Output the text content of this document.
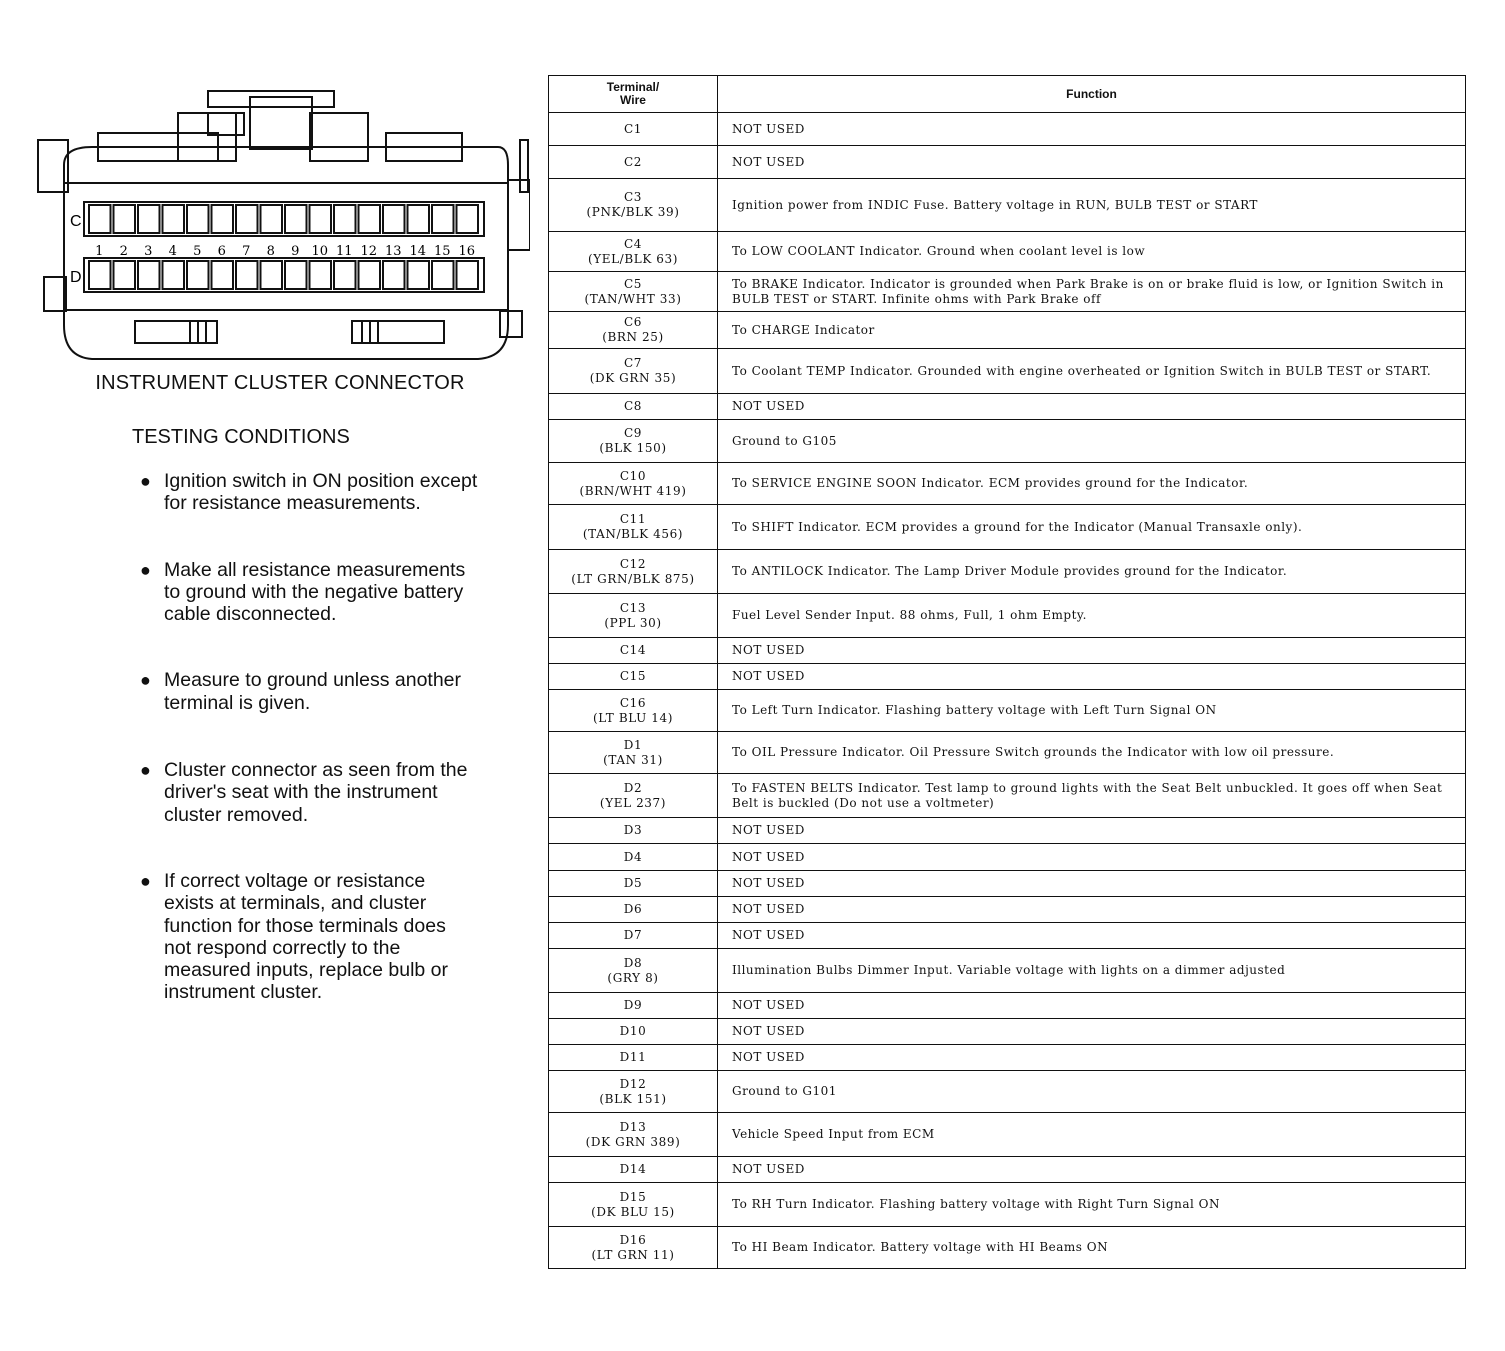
C
D
1 2 3 4 5 6 7 8 9 10 11 12 13 14 15 16
INSTRUMENT CLUSTER CONNECTOR
TESTING CONDITIONS
● Ignition switch in ON position except for resistance measurements.
● Make all resistance measurements to ground with the negative battery cable disconnected.
● Measure to ground unless another terminal is given.
● Cluster connector as seen from the driver's seat with the instrument cluster removed.
● If correct voltage or resistance exists at terminals, and cluster function for those terminals does not respond correctly to the measured inputs, replace bulb or instrument cluster.
Terminal/
Wire	Function

C1	NOT USED

C2	NOT USED

C3
(PNK/BLK 39)	Ignition power from INDIC Fuse. Battery voltage in RUN, BULB TEST or START

C4
(YEL/BLK 63)	To LOW COOLANT Indicator. Ground when coolant level is low

C5
(TAN/WHT 33)	To BRAKE Indicator. Indicator is grounded when Park Brake is on or brake fluid is low, or Ignition Switch in BULB TEST or START. Infinite ohms with Park Brake off

C6
(BRN 25)	To CHARGE Indicator

C7
(DK GRN 35)	To Coolant TEMP Indicator. Grounded with engine overheated or Ignition Switch in BULB TEST or START.

C8	NOT USED

C9
(BLK 150)	Ground to G105

C10
(BRN/WHT 419)	To SERVICE ENGINE SOON Indicator. ECM provides ground for the Indicator.

C11
(TAN/BLK 456)	To SHIFT Indicator. ECM provides a ground for the Indicator (Manual Transaxle only).

C12
(LT GRN/BLK 875)	To ANTILOCK Indicator. The Lamp Driver Module provides ground for the Indicator.

C13
(PPL 30)	Fuel Level Sender Input. 88 ohms, Full, 1 ohm Empty.

C14	NOT USED

C15	NOT USED

C16
(LT BLU 14)	To Left Turn Indicator. Flashing battery voltage with Left Turn Signal ON

D1
(TAN 31)	To OIL Pressure Indicator. Oil Pressure Switch grounds the Indicator with low oil pressure.

D2
(YEL 237)	To FASTEN BELTS Indicator. Test lamp to ground lights with the Seat Belt unbuckled. It goes off when Seat Belt is buckled (Do not use a voltmeter)

D3	NOT USED

D4	NOT USED

D5	NOT USED

D6	NOT USED

D7	NOT USED

D8
(GRY 8)	Illumination Bulbs Dimmer Input. Variable voltage with lights on a dimmer adjusted

D9	NOT USED

D10	NOT USED

D11	NOT USED

D12
(BLK 151)	Ground to G101

D13
(DK GRN 389)	Vehicle Speed Input from ECM

D14	NOT USED

D15
(DK BLU 15)	To RH Turn Indicator. Flashing battery voltage with Right Turn Signal ON

D16
(LT GRN 11)	To HI Beam Indicator. Battery voltage with HI Beams ON
